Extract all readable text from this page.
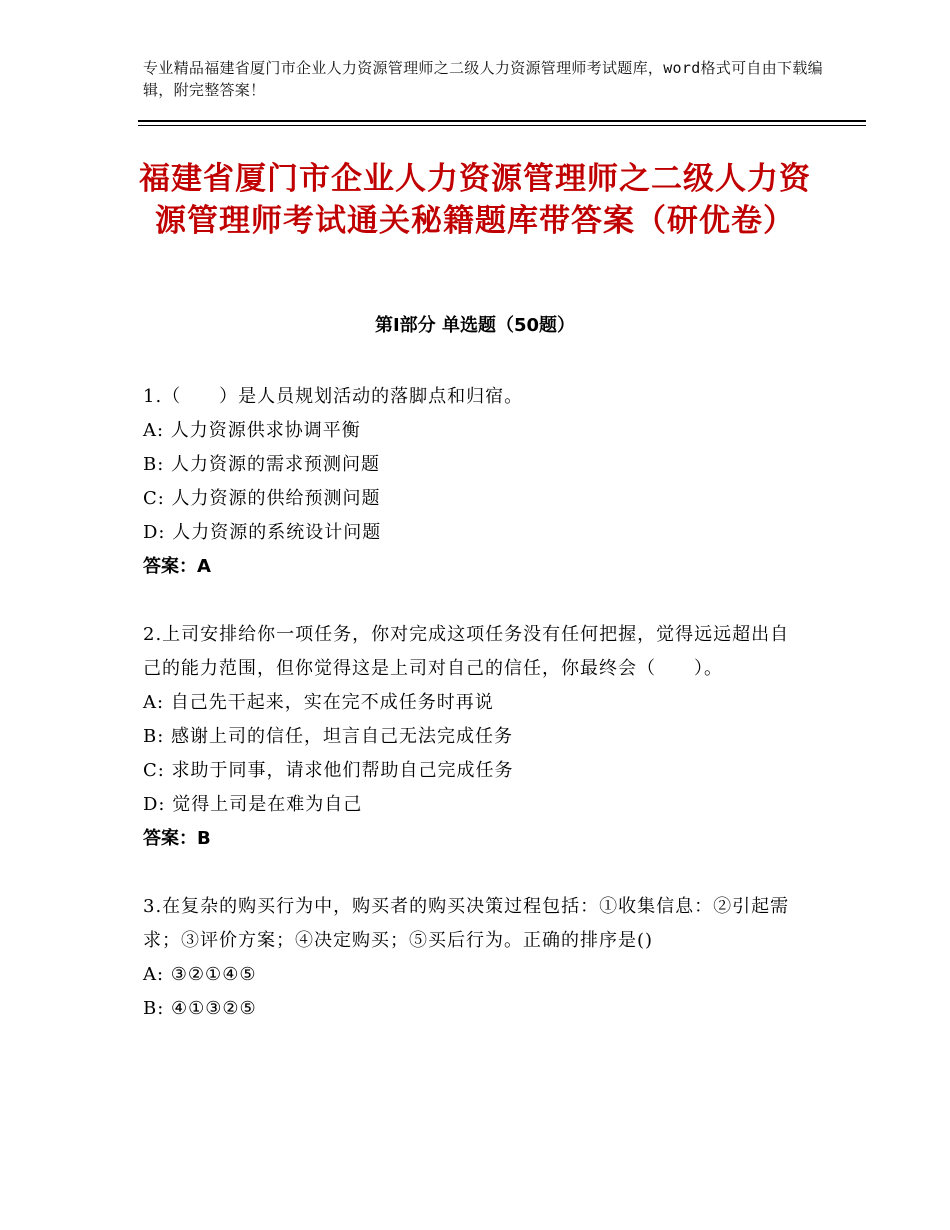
专业精品福建省厦门市企业人力资源管理师之二级人力资源管理师考试题库，word格式可自由下载编辑，附完整答案！
福建省厦门市企业人力资源管理师之二级人力资源管理师考试通关秘籍题库带答案（研优卷）
第Ⅰ部分 单选题（50题）
1.（　　）是人员规划活动的落脚点和归宿。
A: 人力资源供求协调平衡
B: 人力资源的需求预测问题
C: 人力资源的供给预测问题
D: 人力资源的系统设计问题
答案：A
2.上司安排给你一项任务，你对完成这项任务没有任何把握，觉得远远超出自己的能力范围，但你觉得这是上司对自己的信任，你最终会（　　）。
A: 自己先干起来，实在完不成任务时再说
B: 感谢上司的信任，坦言自己无法完成任务
C: 求助于同事，请求他们帮助自己完成任务
D: 觉得上司是在难为自己
答案：B
3.在复杂的购买行为中，购买者的购买决策过程包括：①收集信息：②引起需求；③评价方案；④决定购买；⑤买后行为。正确的排序是()
A: ③②①④⑤
B: ④①③②⑤
